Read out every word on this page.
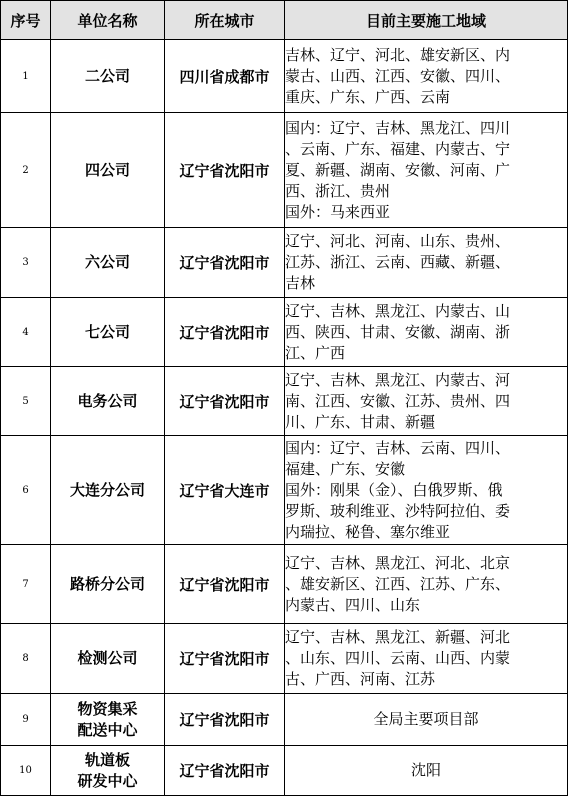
序号	单位名称	所在城市	目前主要施工地域
1	二公司	四川省成都市	吉林、辽宁、河北、雄安新区、内
蒙古、山西、江西、安徽、四川、
重庆、广东、广西、云南

2	四公司	辽宁省沈阳市	国内：辽宁、吉林、黑龙江、四川
、云南、广东、福建、内蒙古、宁
夏、新疆、湖南、安徽、河南、广
西、浙江、贵州
国外：马来西亚

3	六公司	辽宁省沈阳市	辽宁、河北、河南、山东、贵州、
江苏、浙江、云南、西藏、新疆、
吉林

4	七公司	辽宁省沈阳市	辽宁、吉林、黑龙江、内蒙古、山
西、陕西、甘肃、安徽、湖南、浙
江、广西

5	电务公司	辽宁省沈阳市	辽宁、吉林、黑龙江、内蒙古、河
南、江西、安徽、江苏、贵州、四
川、广东、甘肃、新疆

6	大连分公司	辽宁省大连市	国内：辽宁、吉林、云南、四川、
福建、广东、安徽
国外：刚果（金）、白俄罗斯、俄
罗斯、玻利维亚、沙特阿拉伯、委
内瑞拉、秘鲁、塞尔维亚

7	路桥分公司	辽宁省沈阳市	辽宁、吉林、黑龙江、河北、北京
、雄安新区、江西、江苏、广东、
内蒙古、四川、山东

8	检测公司	辽宁省沈阳市	辽宁、吉林、黑龙江、新疆、河北
、山东、四川、云南、山西、内蒙
古、广西、河南、江苏

9	物资集采
配送中心	辽宁省沈阳市	全局主要项目部

10	轨道板
研发中心	辽宁省沈阳市	沈阳
